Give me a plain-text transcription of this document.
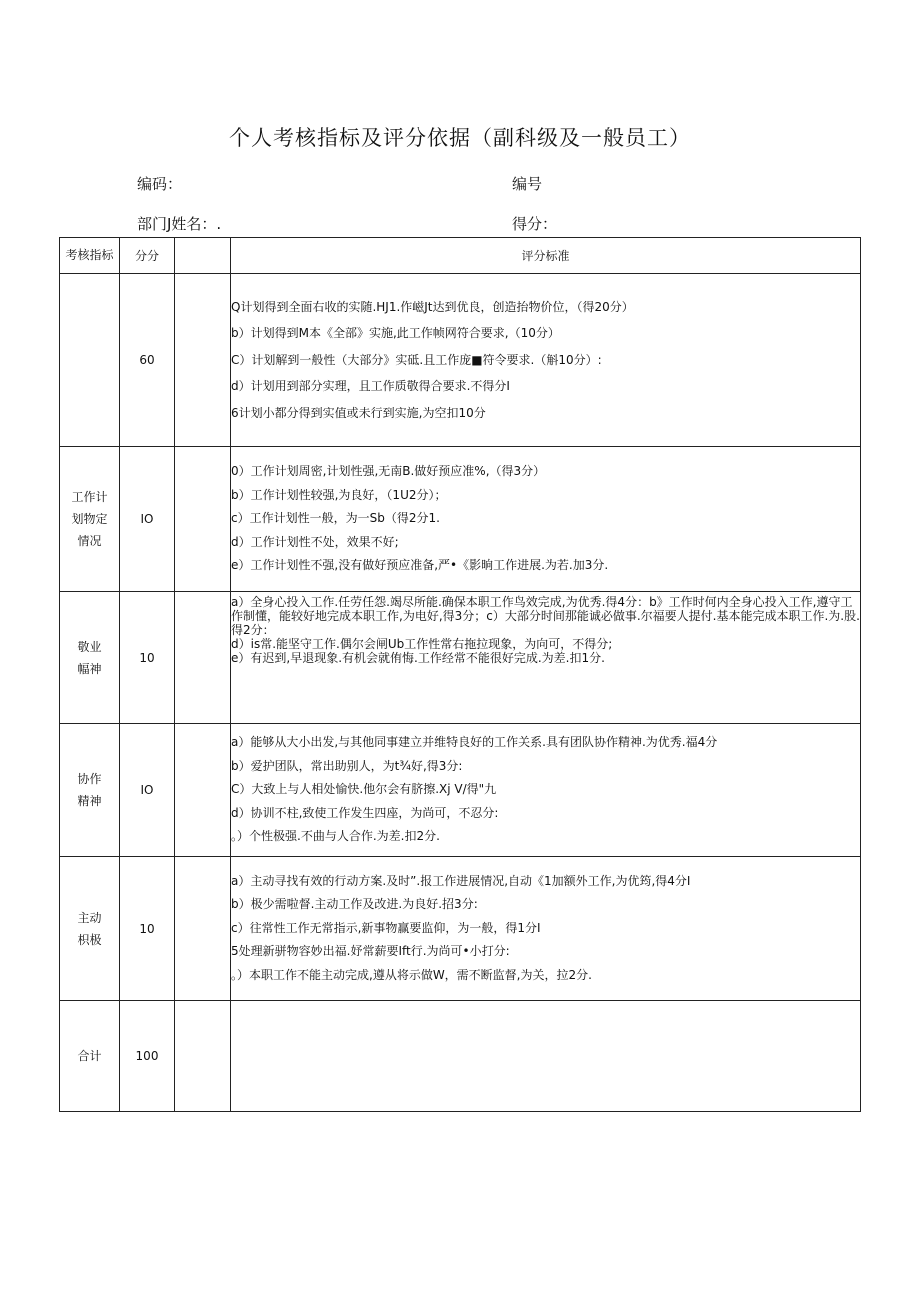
个人考核指标及评分依据（副科级及一般员工）
编码：	编号
部门J姓名：.	得分：
考核指标	分分		评分标准
	60		Q计划得到全面右收的实随.HJ1.作嵫Jt达到优良，创造抬物价位，（得20分）
b）计划得到M本《全部》实施,此工作帧网符合要求,（10分）
C）计划解到一般性（大部分》实砥.且工作庞■符令要求.（斛10分）:
d）计划用到部分实理，且工作质敬得合要求.不得分I
6计划小都分得到实值或未行到实施,为空扣10分

工作计
划物定
情况	IO		0）工作计划周密,计划性强,无南B.做好预应准%,（得3分）
b）工作计划性较强,为良好，（1U2分）；
c）工作计划性一般，为一Sb（得2分1.
d）工作计划性不处，效果不好;
e）工作计划性不强,没有做好预应准备,严•《影晌工作进展.为若.加3分.

敬业
幅神	10		a）全身心投入工作.任劳任怨.竭尽所能.确保本职工作鸟效完成,为优秀.得4分：b》工作时何内全身心投入工作,遵守工作制懂，能较好地完成本职工作,为电好,得3分；c）大部分时间那能诚必做事.尔福要人提付.基本能完成本职工作.为.股.得2分：
d）is常.能坚守工作.偶尔会闸Ub工作性常右拖拉现象，为向可，不得分;
e）有迟到,早退现象.有机会就侑悔.工作经常不能很好完成.为差.扣1分.

协作
精神	IO		a）能够从大小出发,与其他同事建立并维特良好的工作关系.具有团队协作精神.为优秀.福4分
b）爱护团队，常出助别人，为t¾好,得3分:
C）大致上与人相处愉快.他尔会有脐擦.Xj V/得"九
d）协训不柱,致使工作发生四座，为尚可，不忍分:
。）个性极强.不曲与人合作.为差.扣2分.

主动
枳极	10		a）主动寻找有效的行动方案.及时”.报工作进展情况,自动《1加额外工作,为优筠,得4分I
b）极少需啦督.主动工作及改进.为良好.招3分:
c）往常性工作无常指示,新事物赢要监仰，为一般，得1分I
5处理新骈物容妙出福.妤常薪要Ift行.为尚可•小打分:
。）本职工作不能主动完成,遵从将示做W，需不断监督,为关，拉2分.

合计	100		
